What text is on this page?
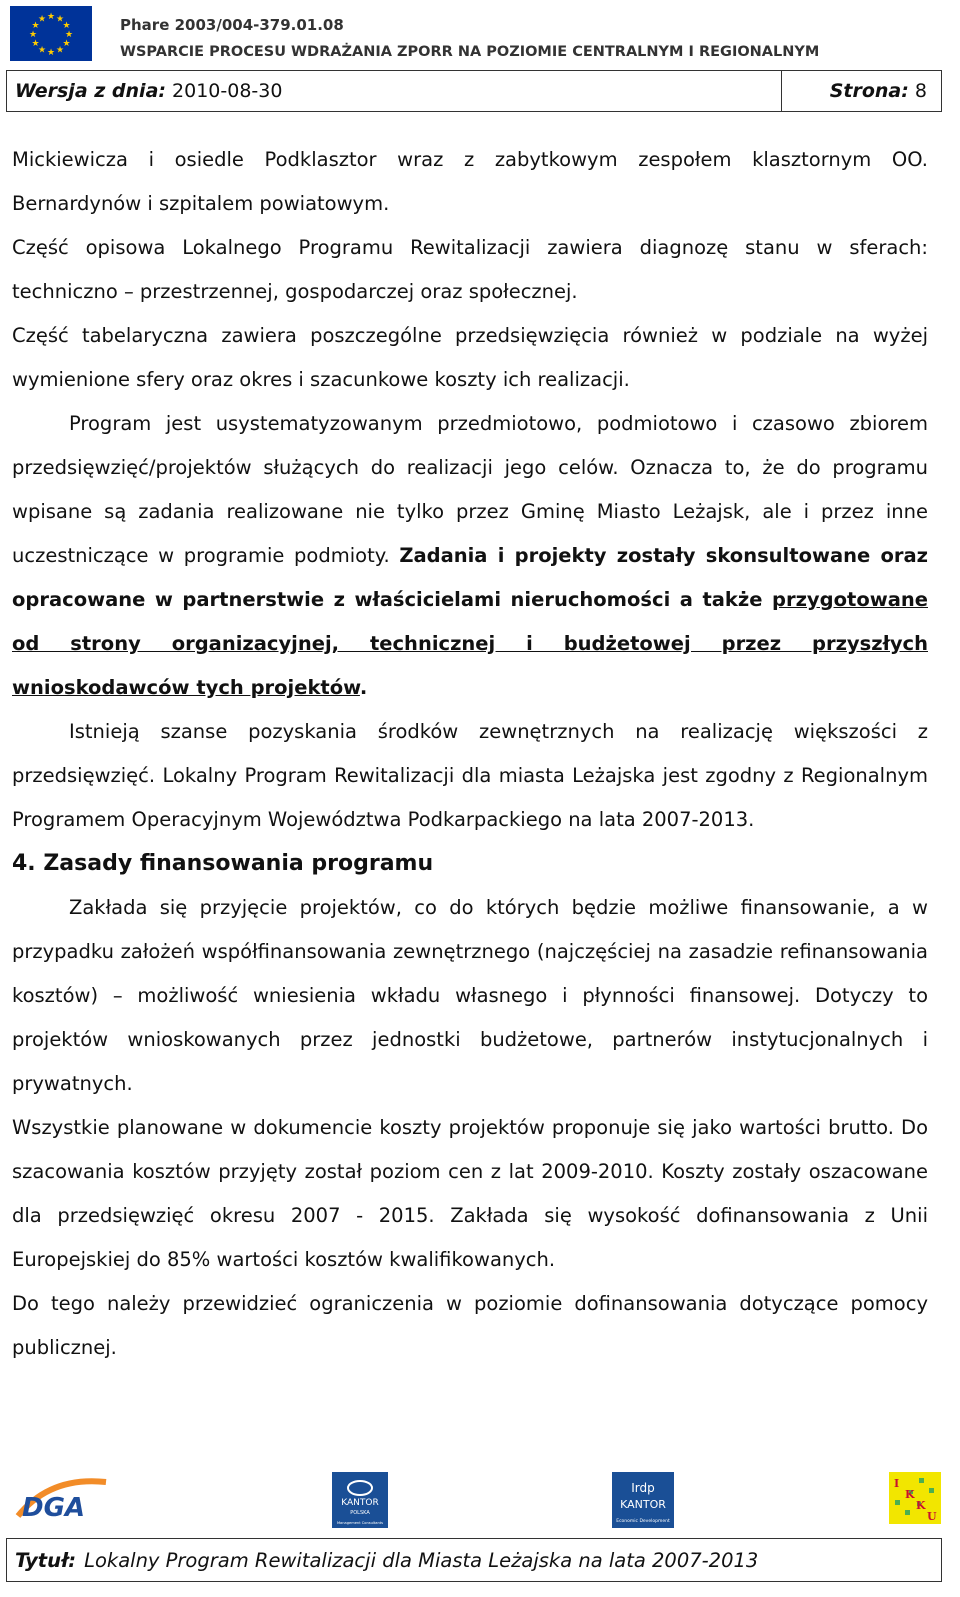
★ ★
★
★
★
★
★
★
★
★
★
★	Phare 2003/004-379.01.08
WSPARCIE PROCESU WDRAŻANIA ZPORR NA POZIOMIE CENTRALNYM I REGIONALNYM
Wersja z dnia:
2010-08-30	Strona:
8

Mickiewicza i osiedle Podklasztor wraz z zabytkowym zespołem klasztornym OO. Bernardynów i szpitalem powiatowym.

Część opisowa Lokalnego Programu Rewitalizacji zawiera diagnozę stanu w sferach: techniczno – przestrzennej, gospodarczej oraz społecznej.

Część tabelaryczna zawiera poszczególne przedsięwzięcia również w podziale na wyżej wymienione sfery oraz okres i szacunkowe koszty ich realizacji.

Program jest usystematyzowanym przedmiotowo, podmiotowo i czasowo zbiorem przedsięwzięć/projektów służących do realizacji jego celów. Oznacza to, że do programu wpisane są zadania realizowane nie tylko przez Gminę Miasto Leżajsk, ale i przez inne uczestniczące w programie podmioty. Zadania i projekty zostały skonsultowane oraz opracowane w partnerstwie z właścicielami nieruchomości a także przygotowane od strony organizacyjnej, technicznej i budżetowej przez przyszłych wnioskodawców tych projektów.

Istnieją szanse pozyskania środków zewnętrznych na realizację większości z przedsięwzięć. Lokalny Program Rewitalizacji dla miasta Leżajska jest zgodny z Regionalnym Programem Operacyjnym Województwa Podkarpackiego na lata 2007-2013.

4. Zasady finansowania programu

Zakłada się przyjęcie projektów, co do których będzie możliwe finansowanie, a w przypadku założeń współfinansowania zewnętrznego (najczęściej na zasadzie refinansowania kosztów) – możliwość wniesienia wkładu własnego i płynności finansowej. Dotyczy to projektów wnioskowanych przez jednostki budżetowe, partnerów instytucjonalnych i prywatnych.

Wszystkie planowane w dokumencie koszty projektów proponuje się jako wartości brutto. Do szacowania kosztów przyjęty został poziom cen z lat 2009-2010. Koszty zostały oszacowane dla przedsięwzięć okresu 2007 - 2015. Zakłada się wysokość dofinansowania z Unii Europejskiej do 85% wartości kosztów kwalifikowanych.

Do tego należy przewidzieć ograniczenia w poziomie dofinansowania dotyczące pomocy publicznej.

DGA	KANTOR
POLSKA
Management Consultants
Irdp
KANTOR
Economic Development
I
K
K
U
Tytuł: Lokalny Program Rewitalizacji dla Miasta Leżajska na lata 2007-2013
